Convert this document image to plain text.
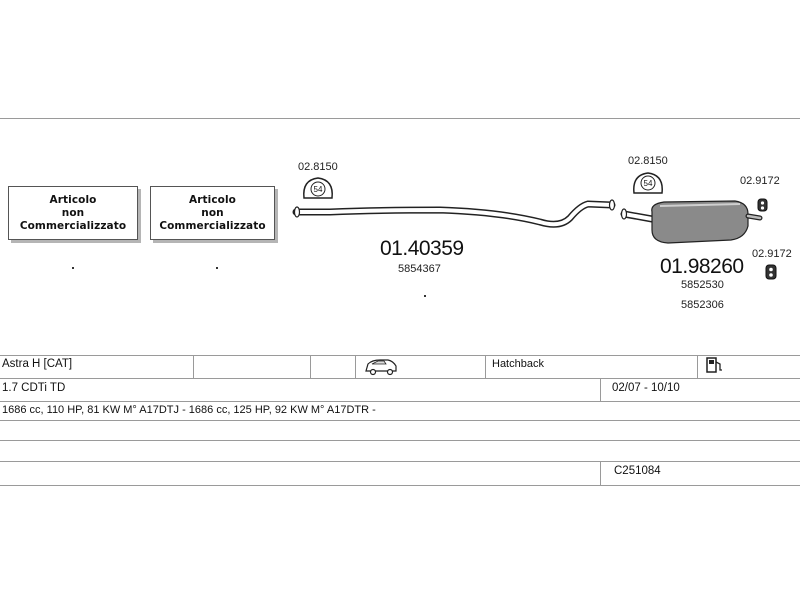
Articolo
non
Commercializzato
Articolo
non
Commercializzato
54
54
02.8150	02.8150
02.9172
02.9172
01.40359
5854367	01.98260
5852530
5852306
Astra H [CAT]	Hatchback
1.7 CDTi TD	02/07 - 10/10
1686 cc, 110 HP, 81 KW M° A17DTJ - 1686 cc, 125 HP, 92 KW M° A17DTR -
C251084
